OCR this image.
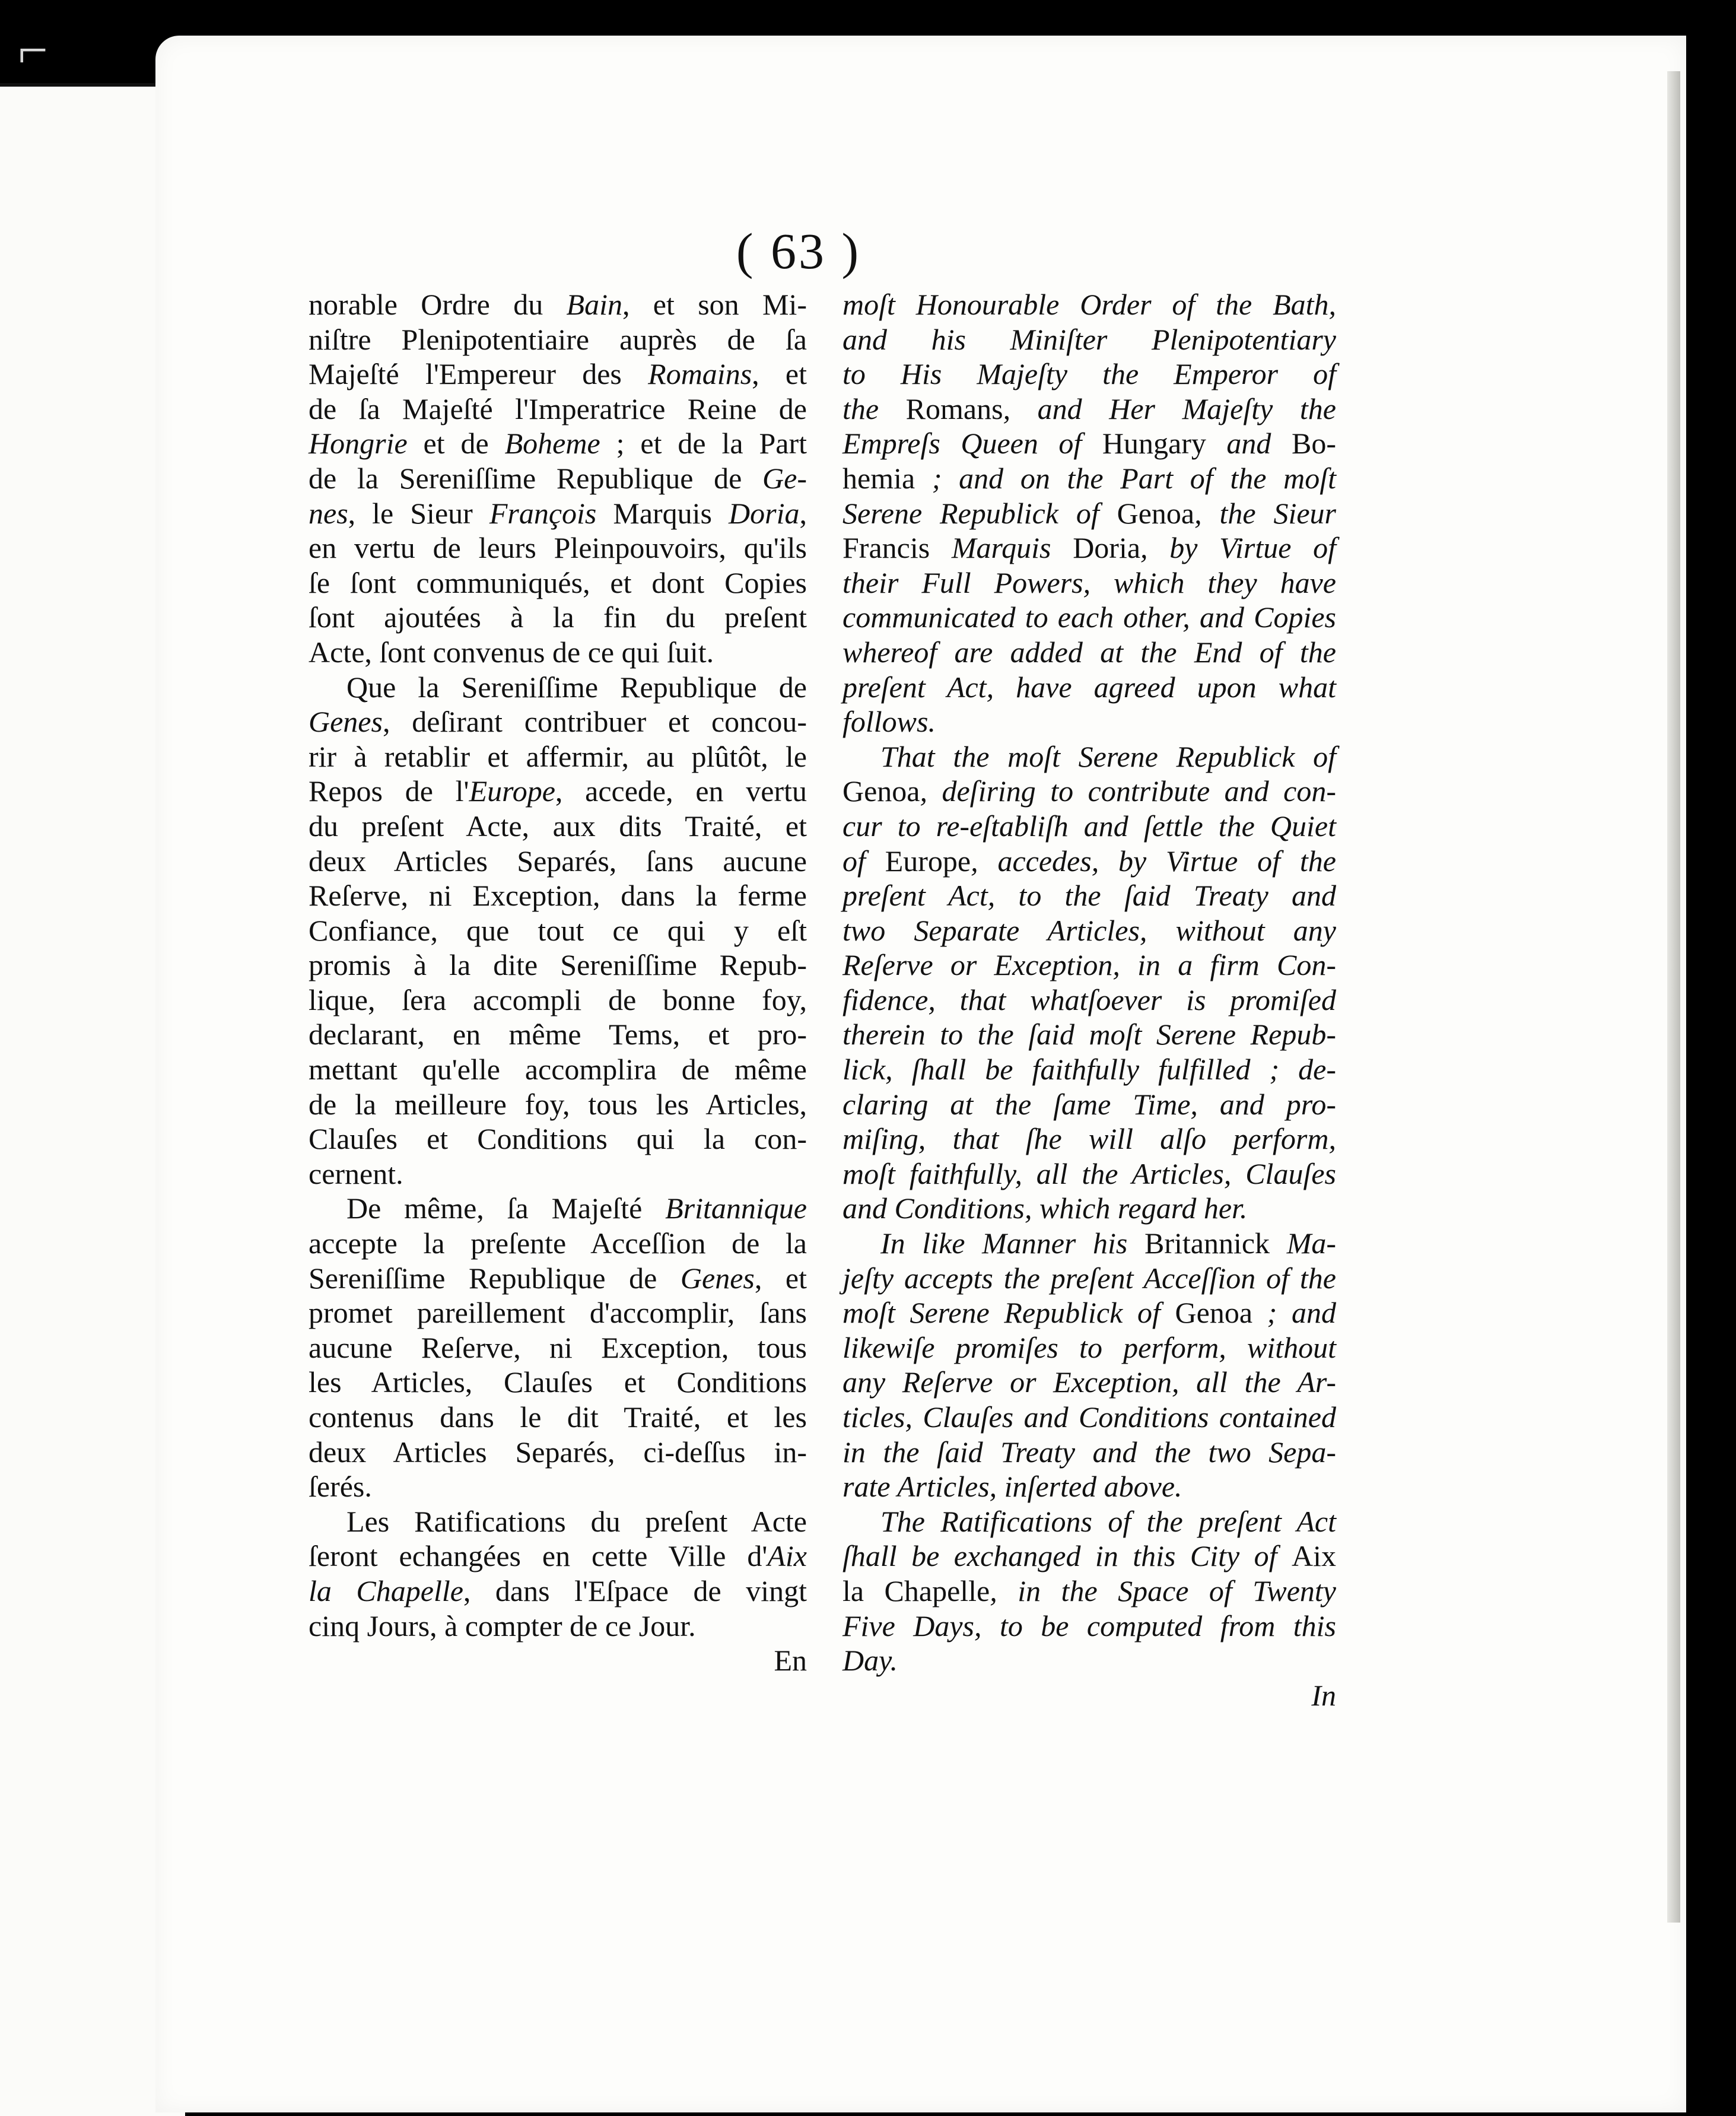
⌐
( 63 )
norable Ordre du Bain, et son Mi-
niſtre Plenipotentiaire auprès de ſa
Majeſté l'Empereur des Romains, et
de ſa Majeſté l'Imperatrice Reine de
Hongrie et de Boheme ; et de la Part
de la Sereniſſime Republique de Ge-
nes, le Sieur François Marquis Doria,
en vertu de leurs Pleinpouvoirs, qu'ils
ſe ſont communiqués, et dont Copies
ſont ajoutées à la fin du preſent
Acte, ſont convenus de ce qui ſuit.
Que la Sereniſſime Republique de
Genes, deſirant contribuer et concou-
rir à retablir et affermir, au plûtôt, le
Repos de l'Europe, accede, en vertu
du preſent Acte, aux dits Traité, et
deux Articles Separés, ſans aucune
Reſerve, ni Exception, dans la ferme
Confiance, que tout ce qui y eſt
promis à la dite Sereniſſime Repub-
lique, ſera accompli de bonne foy,
declarant, en même Tems, et pro-
mettant qu'elle accomplira de même
de la meilleure foy, tous les Articles,
Clauſes et Conditions qui la con-
cernent.
De même, ſa Majeſté Britannique
accepte la preſente Acceſſion de la
Sereniſſime Republique de Genes, et
promet pareillement d'accomplir, ſans
aucune Reſerve, ni Exception, tous
les Articles, Clauſes et Conditions
contenus dans le dit Traité, et les
deux Articles Separés, ci-deſſus in-
ſerés.
Les Ratifications du preſent Acte
ſeront echangées en cette Ville d'Aix
la Chapelle, dans l'Eſpace de vingt
cinq Jours, à compter de ce Jour.
En
moſt Honourable Order of the Bath,
and his Miniſter Plenipotentiary
to His Majeſty the Emperor of
the Romans, and Her Majeſty the
Empreſs Queen of Hungary and Bo-
hemia ; and on the Part of the moſt
Serene Republick of Genoa, the Sieur
Francis Marquis Doria, by Virtue of
their Full Powers, which they have
communicated to each other, and Copies
whereof are added at the End of the
preſent Act, have agreed upon what
follows.
That the moſt Serene Republick of
Genoa, deſiring to contribute and con-
cur to re-eſtabliſh and ſettle the Quiet
of Europe, accedes, by Virtue of the
preſent Act, to the ſaid Treaty and
two Separate Articles, without any
Reſerve or Exception, in a firm Con-
fidence, that whatſoever is promiſed
therein to the ſaid moſt Serene Repub-
lick, ſhall be faithfully fulfilled ; de-
claring at the ſame Time, and pro-
miſing, that ſhe will alſo perform,
moſt faithfully, all the Articles, Clauſes
and Conditions, which regard her.
In like Manner his Britannick Ma-
jeſty accepts the preſent Acceſſion of the
moſt Serene Republick of Genoa ; and
likewiſe promiſes to perform, without
any Reſerve or Exception, all the Ar-
ticles, Clauſes and Conditions contained
in the ſaid Treaty and the two Sepa-
rate Articles, inſerted above.
The Ratifications of the preſent Act
ſhall be exchanged in this City of Aix
la Chapelle, in the Space of Twenty
Five Days, to be computed from this
Day.
In
